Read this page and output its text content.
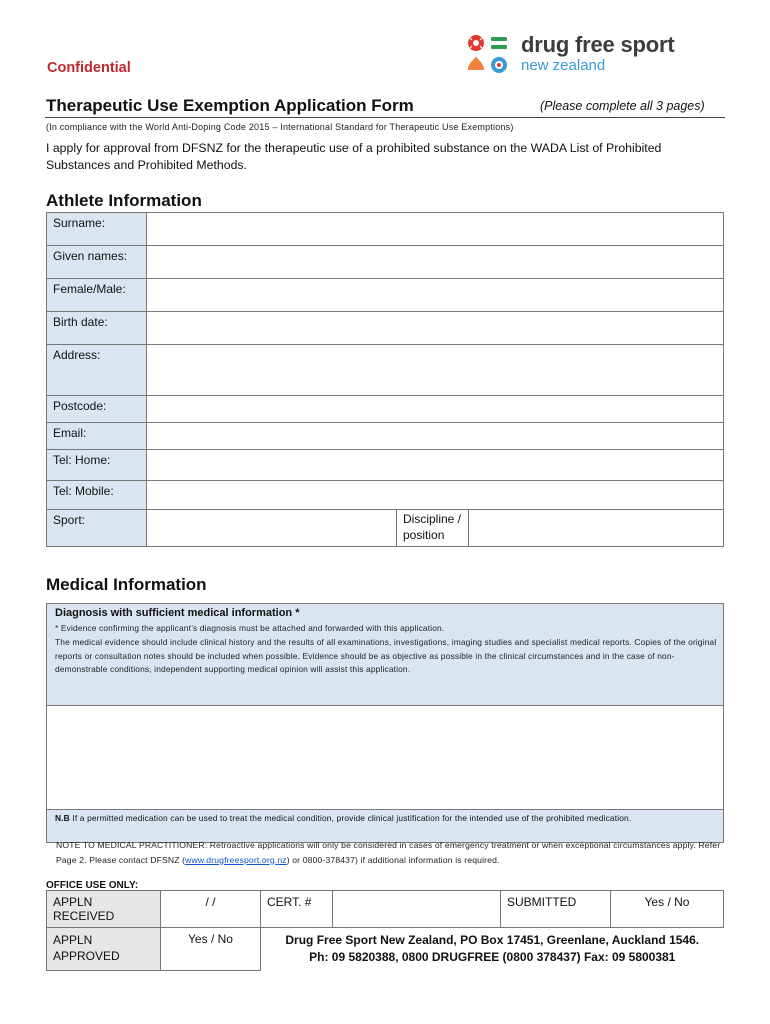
Confidential
drug free sport
new zealand
Therapeutic Use Exemption Application Form	(Please complete all 3 pages)
(In compliance with the World Anti-Doping Code 2015 – International Standard for Therapeutic Use Exemptions)
I apply for approval from DFSNZ for the therapeutic use of a prohibited substance on the WADA List of Prohibited Substances and Prohibited Methods.
Athlete Information
Surname:			
Given names:			
Female/Male:			
Birth date:			
Address:			
Postcode:			
Email:			
Tel: Home:			
Tel: Mobile:			
Sport:		Discipline / position	
Medical Information
Diagnosis with sufficient medical information *

* Evidence confirming the applicant’s diagnosis must be attached and forwarded with this application.

The medical evidence should include clinical history and the results of all examinations, investigations, imaging studies and specialist medical reports. Copies of the original reports or consultation notes should be included when possible. Evidence should be as objective as possible in the clinical circumstances and in the case of non-demonstrable conditions, independent supporting medical opinion will assist this application.

N.B If a permitted medication can be used to treat the medical condition, provide clinical justification for the intended use of the prohibited medication.
NOTE TO MEDICAL PRACTITIONER: Retroactive applications will only be considered in cases of emergency treatment or when exceptional circumstances apply. Refer Page 2. Please contact DFSNZ (www.drugfreesport.org.nz) or 0800-378437) if additional information is required.
OFFICE USE ONLY:
APPLN RECEIVED	/ /	CERT. #		SUBMITTED	Yes / No
APPLN APPROVED	Yes / No	Drug Free Sport New Zealand, PO Box 17451, Greenlane, Auckland 1546.
Ph: 09 5820388, 0800 DRUGFREE (0800 378437) Fax: 09 5800381			
